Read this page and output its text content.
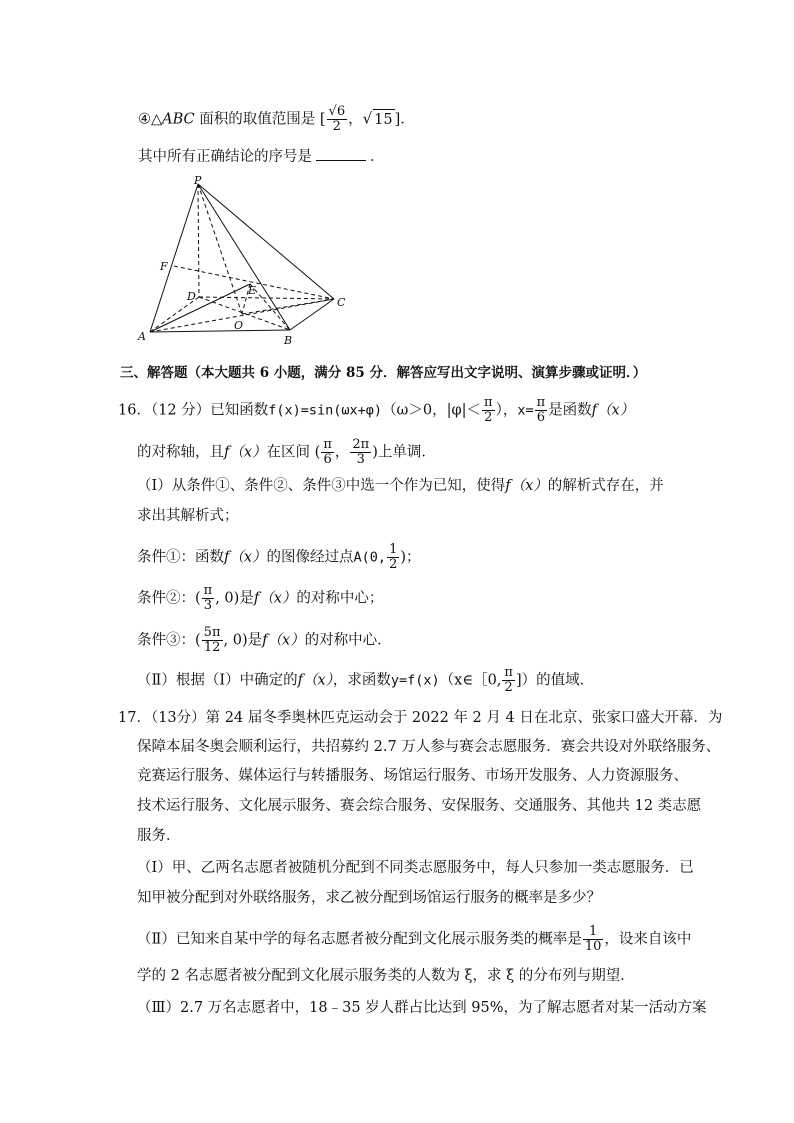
④△ABC 面积的取值范围是 [ $\frac{√6}{2}$ ，√ 15 ]．
其中所有正确结论的序号是	．
P
F
D	E
C
A
O
B
三、解答题（本大题共 6 小题，满分 85 分．解答应写出文字说明、演算步骤或证明．）
16．（12 分）已知函数f(x)=sin(ωx+φ)（ω＞0，$|\varphi|< \frac{\pi}{2}$ ），$x= \frac{\pi}{6}$ 是函数f（x）
的对称轴，且f（x）在区间 ( $\frac{\pi}{6}$ ， $\frac{2\pi}{3}$ )上单调．
（Ⅰ）从条件①、条件②、条件③中选一个作为已知，使得f（x）的解析式存在，并
求出其解析式；
条件①：函数f（x）的图像经过点A(0, $\frac{1}{2}$ )；
条件②：( $\frac{\pi}{3}$ , 0)是f（x）的对称中心；
条件③：( $\frac{5\pi}{12}$ , 0)是f（x）的对称中心．
（Ⅱ）根据（Ⅰ）中确定的f（x），求函数y=f(x)（x∈［0, $\frac{\pi}{2}$ ]）的值域．
17．（13分）第 24 届冬季奥林匹克运动会于 2022 年 2 月 4 日在北京、张家口盛大开幕．为
保障本届冬奥会顺利运行，共招募约 2.7 万人参与赛会志愿服务．赛会共设对外联络服务、
竞赛运行服务、媒体运行与转播服务、场馆运行服务、市场开发服务、人力资源服务、
技术运行服务、文化展示服务、赛会综合服务、安保服务、交通服务、其他共 12 类志愿
服务．
（Ⅰ）甲、乙两名志愿者被随机分配到不同类志愿服务中，每人只参加一类志愿服务．已
知甲被分配到对外联络服务，求乙被分配到场馆运行服务的概率是多少？
（Ⅱ）已知来自某中学的每名志愿者被分配到文化展示服务类的概率是 $\frac{1}{10}$ ，设来自该中
学的 2 名志愿者被分配到文化展示服务类的人数为 ξ，求 ξ 的分布列与期望．
（Ⅲ）2.7 万名志愿者中，18﹣35 岁人群占比达到 95%，为了解志愿者对某一活动方案
